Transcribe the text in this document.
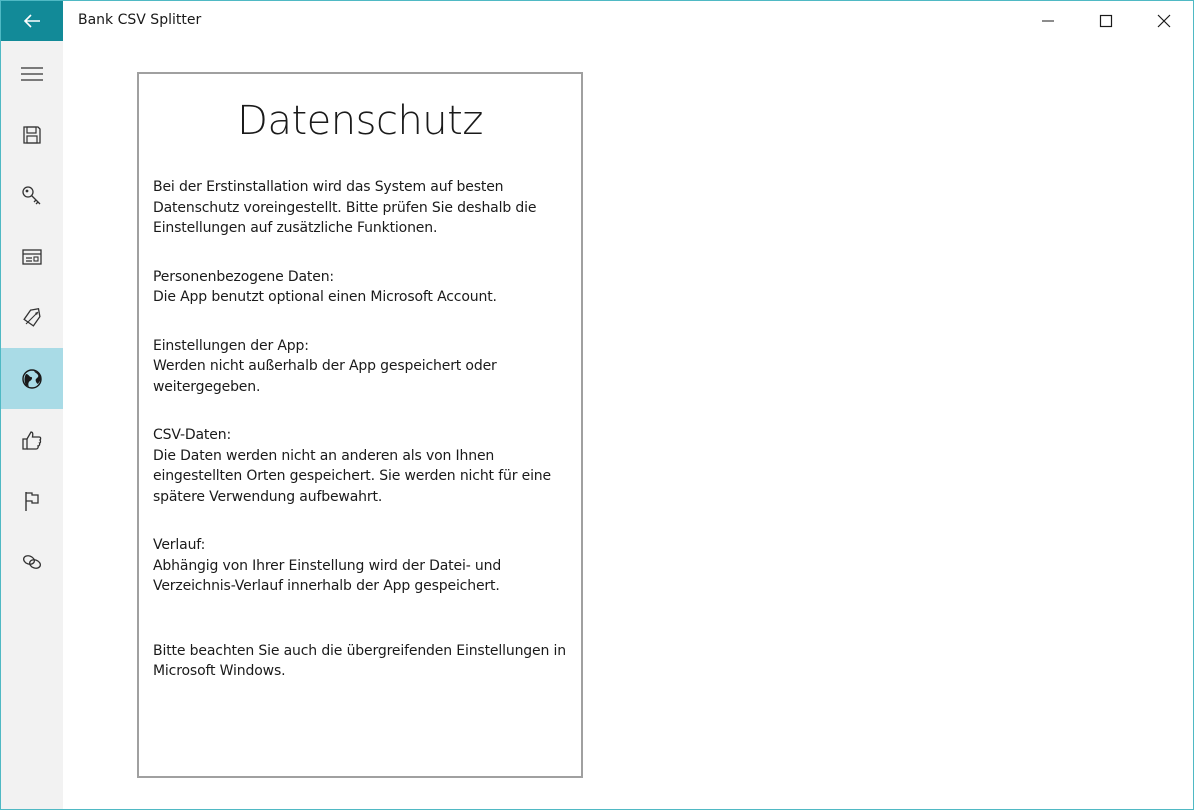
Bank CSV Splitter
Datenschutz

Bei der Erstinstallation wird das System auf besten Datenschutz voreingestellt. Bitte prüfen Sie deshalb die Einstellungen auf zusätzliche Funktionen.

Personenbezogene Daten:
Die App benutzt optional einen Microsoft Account.

Einstellungen der App:
Werden nicht außerhalb der App gespeichert oder weitergegeben.

CSV-Daten:
Die Daten werden nicht an anderen als von Ihnen eingestellten Orten gespeichert. Sie werden nicht für eine spätere Verwendung aufbewahrt.

Verlauf:
Abhängig von Ihrer Einstellung wird der Datei- und Verzeichnis-Verlauf innerhalb der App gespeichert.

Bitte beachten Sie auch die übergreifenden Einstellungen in Microsoft Windows.
